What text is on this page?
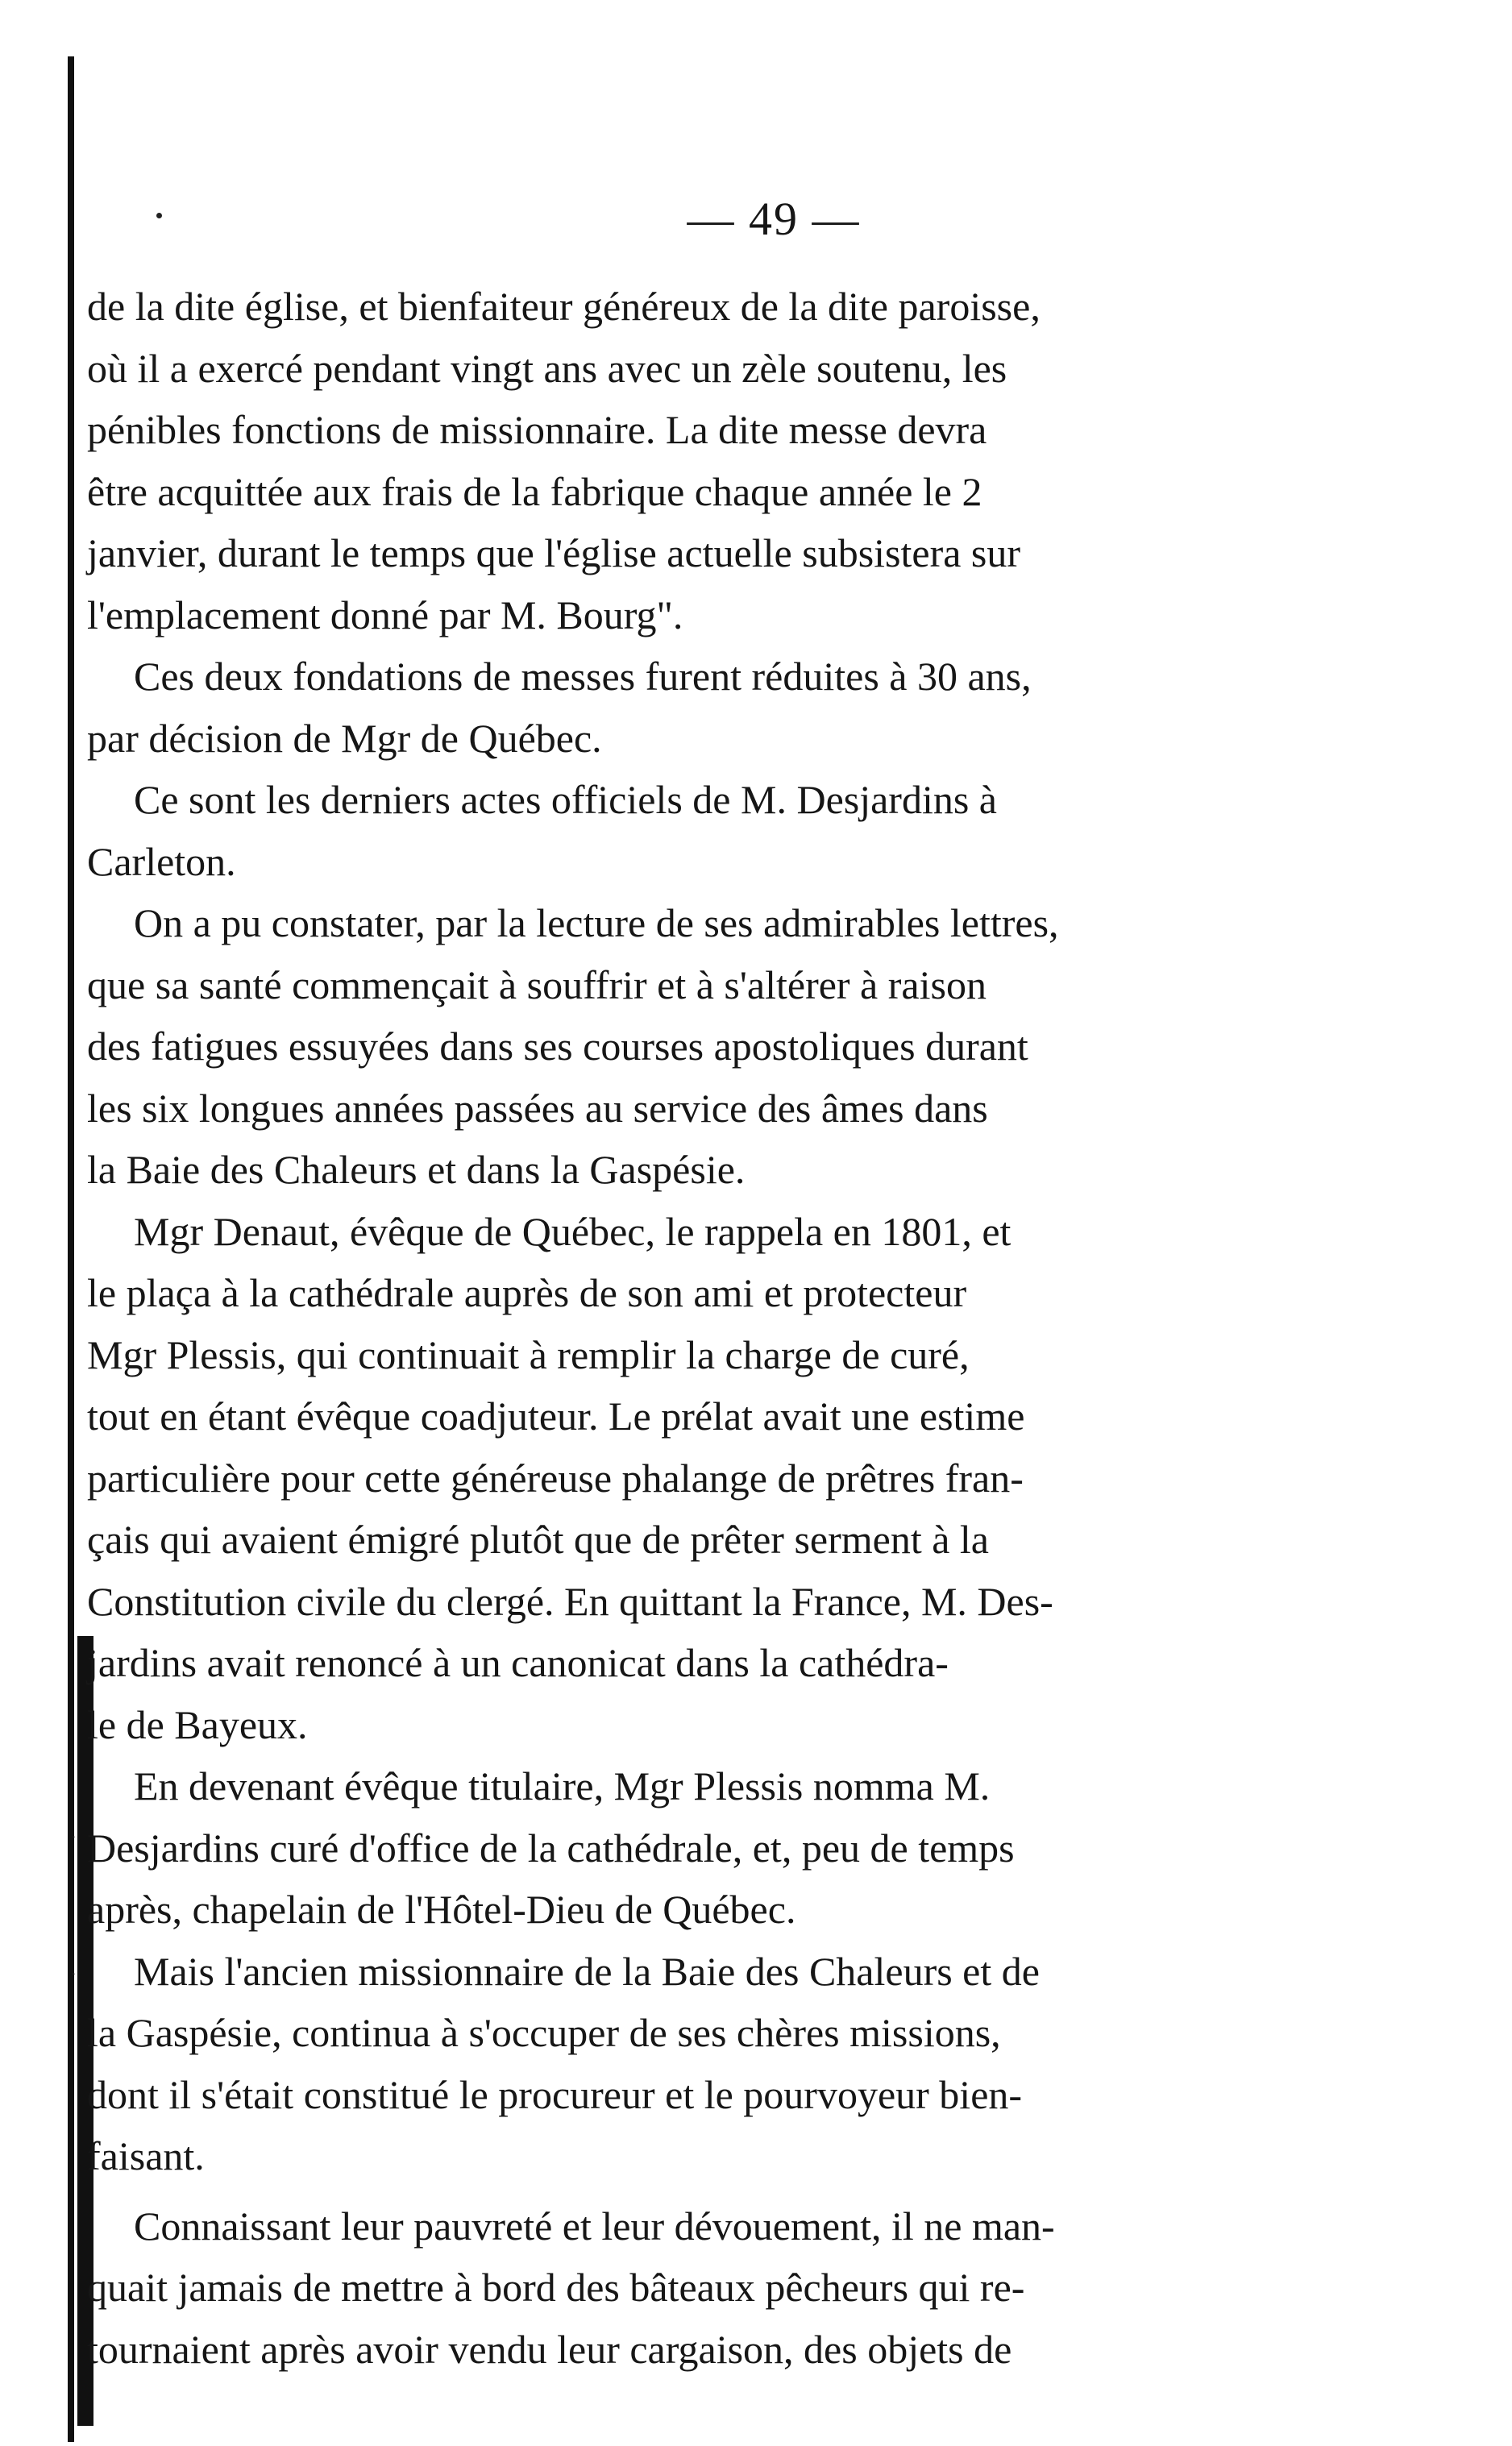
·
·
— 49 —
de la dite église, et bienfaiteur généreux de la dite paroisse,
où il a exercé pendant vingt ans avec un zèle soutenu, les
pénibles fonctions de missionnaire. La dite messe devra
être acquittée aux frais de la fabrique chaque année le 2
janvier, durant le temps que l'église actuelle subsistera sur
l'emplacement donné par M. Bourg".
Ces deux fondations de messes furent réduites à 30 ans,
par décision de Mgr de Québec.
Ce sont les derniers actes officiels de M. Desjardins à
Carleton.
On a pu constater, par la lecture de ses admirables lettres,
que sa santé commençait à souffrir et à s'altérer à raison
des fatigues essuyées dans ses courses apostoliques durant
les six longues années passées au service des âmes dans
la Baie des Chaleurs et dans la Gaspésie.
Mgr Denaut, évêque de Québec, le rappela en 1801, et
le plaça à la cathédrale auprès de son ami et protecteur
Mgr Plessis, qui continuait à remplir la charge de curé,
tout en étant évêque coadjuteur. Le prélat avait une estime
particulière pour cette généreuse phalange de prêtres fran-
çais qui avaient émigré plutôt que de prêter serment à la
Constitution civile du clergé. En quittant la France, M. Des-
jardins avait renoncé à un canonicat dans la cathédra-
le de Bayeux.
En devenant évêque titulaire, Mgr Plessis nomma M.
Desjardins curé d'office de la cathédrale, et, peu de temps
après, chapelain de l'Hôtel-Dieu de Québec.
Mais l'ancien missionnaire de la Baie des Chaleurs et de
la Gaspésie, continua à s'occuper de ses chères missions,
dont il s'était constitué le procureur et le pourvoyeur bien-
faisant.
Connaissant leur pauvreté et leur dévouement, il ne man-
quait jamais de mettre à bord des bâteaux pêcheurs qui re-
tournaient après avoir vendu leur cargaison, des objets de
